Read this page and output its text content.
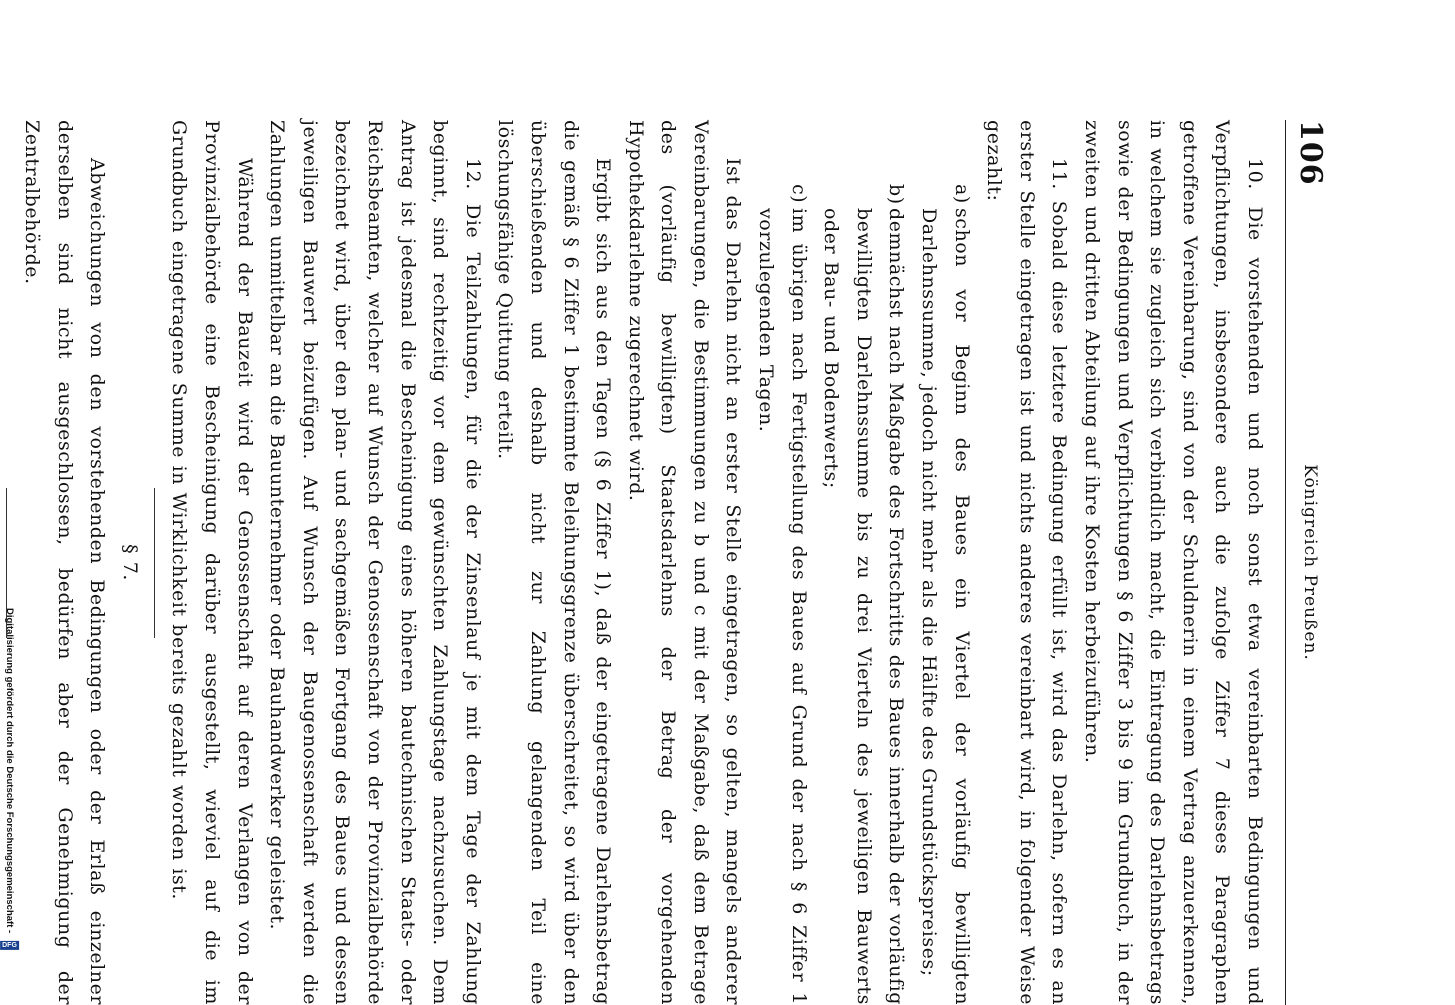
106
Königreich Preußen.

10. Die vorstehenden und noch sonst etwa vereinbarten Bedingungen und Verpflichtungen, insbesondere auch die zufolge Ziffer 7 dieses Paragraphen getroffene Vereinbarung, sind von der Schuldnerin in einem Vertrag anzuerkennen, in welchem sie zugleich sich verbindlich macht, die Eintragung des Darlehnsbetrags sowie der Bedingungen und Verpflichtungen § 6 Ziffer 3 bis 9 im Grundbuch, in der zweiten und dritten Abteilung auf ihre Kosten herbeizuführen.

11. Sobald diese letztere Bedingung erfüllt ist, wird das Darlehn, sofern es an erster Stelle eingetragen ist und nichts anderes vereinbart wird, in folgender Weise gezahlt:

a)
schon vor Beginn des Baues ein Viertel der vorläufig bewilligten Darlehnssumme, jedoch nicht mehr als die Hälfte des Grundstückspreises;

b)
demnächst nach Maßgabe des Fortschritts des Baues innerhalb der vorläufig bewilligten Darlehnssumme bis zu drei Vierteln des jeweiligen Bauwerts oder Bau- und Bodenwerts;

c)
im übrigen nach Fertigstellung des Baues auf Grund der nach § 6 Ziffer 1 vorzulegenden Tagen.

Ist das Darlehn nicht an erster Stelle eingetragen, so gelten, mangels anderer Vereinbarungen, die Bestimmungen zu b und c mit der Maßgabe, daß dem Betrage des (vorläufig bewilligten) Staatsdarlehns der Betrag der vorgehenden Hypothekdarlehne zugerechnet wird.

Ergibt sich aus den Tagen (§ 6 Ziffer 1), daß der eingetragene Darlehnsbetrag die gemäß § 6 Ziffer 1 bestimmte Beleihungsgrenze überschreitet, so wird über den überschießenden und deshalb nicht zur Zahlung gelangenden Teil eine löschungsfähige Quittung erteilt.

12. Die Teilzahlungen, für die der Zinsenlauf je mit dem Tage der Zahlung beginnt, sind rechtzeitig vor dem gewünschten Zahlungstage nachzusuchen. Dem Antrag ist jedesmal die Bescheinigung eines höheren bautechnischen Staats- oder Reichsbeamten, welcher auf Wunsch der Genossenschaft von der Provinzialbehörde bezeichnet wird, über den plan- und sachgemäßen Fortgang des Baues und dessen jeweiligen Bauwert beizufügen. Auf Wunsch der Baugenossenschaft werden die Zahlungen unmittelbar an die Bauunternehmer oder Bauhandwerker geleistet.

Während der Bauzeit wird der Genossenschaft auf deren Verlangen von der Provinzialbehörde eine Bescheinigung darüber ausgestellt, wieviel auf die im Grundbuch eingetragene Summe in Wirklichkeit bereits gezahlt worden ist.

§ 7.

Abweichungen von den vorstehenden Bedingungen oder der Erlaß einzelner derselben sind nicht ausgeschlossen, bedürfen aber der Genehmigung der Zentralbehörde.

Digitalisierung gefördert durch die Deutsche Forschungsgemeinschaft -
DFG
